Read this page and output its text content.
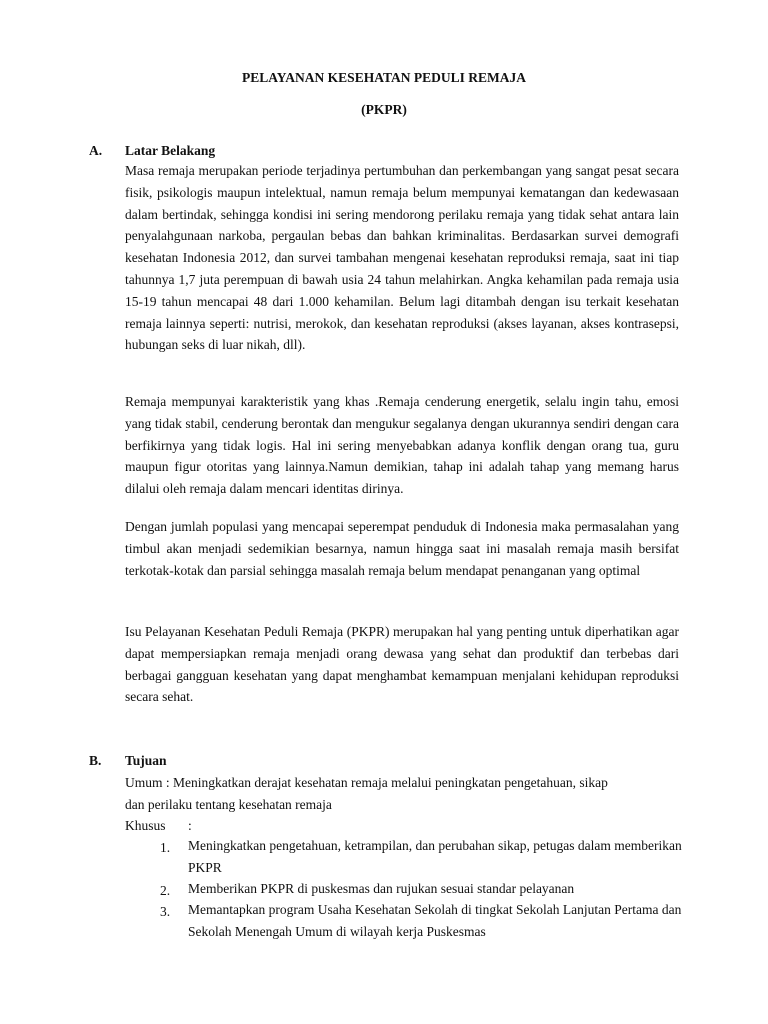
PELAYANAN KESEHATAN PEDULI REMAJA
(PKPR)
A. Latar Belakang

Masa remaja merupakan periode terjadinya pertumbuhan dan perkembangan yang sangat pesat secara fisik, psikologis maupun intelektual, namun remaja belum mempunyai kematangan dan kedewasaan dalam bertindak, sehingga kondisi ini sering mendorong perilaku remaja yang tidak sehat antara lain penyalahgunaan narkoba, pergaulan bebas dan bahkan kriminalitas. Berdasarkan survei demografi kesehatan Indonesia 2012, dan survei tambahan mengenai kesehatan reproduksi remaja, saat ini tiap tahunnya 1,7 juta perempuan di bawah usia 24 tahun melahirkan. Angka kehamilan pada remaja usia 15-19 tahun mencapai 48 dari 1.000 kehamilan. Belum lagi ditambah dengan isu terkait kesehatan remaja lainnya seperti: nutrisi, merokok, dan kesehatan reproduksi (akses layanan, akses kontrasepsi, hubungan seks di luar nikah, dll).

Remaja mempunyai karakteristik yang khas .Remaja cenderung energetik, selalu ingin tahu, emosi yang tidak stabil, cenderung berontak dan mengukur segalanya dengan ukurannya sendiri dengan cara berfikirnya yang tidak logis. Hal ini sering menyebabkan adanya konflik dengan orang tua, guru maupun figur otoritas yang lainnya.Namun demikian, tahap ini adalah tahap yang memang harus dilalui oleh remaja dalam mencari identitas dirinya.

Dengan jumlah populasi yang mencapai seperempat penduduk di Indonesia maka permasalahan yang timbul akan menjadi sedemikian besarnya, namun hingga saat ini masalah remaja masih bersifat terkotak-kotak dan parsial sehingga masalah remaja belum mendapat penanganan yang optimal

Isu Pelayanan Kesehatan Peduli Remaja (PKPR) merupakan hal yang penting untuk diperhatikan agar dapat mempersiapkan remaja menjadi orang dewasa yang sehat dan produktif dan terbebas dari berbagai gangguan kesehatan yang dapat menghambat kemampuan menjalani kehidupan reproduksi secara sehat.

B. Tujuan
Umum : Meningkatkan derajat kesehatan remaja melalui peningkatan pengetahuan, sikap
dan perilaku tentang kesehatan remaja
Khusus :
1. Meningkatkan pengetahuan, ketrampilan, dan perubahan sikap, petugas dalam memberikan PKPR

2. Memberikan PKPR di puskesmas dan rujukan sesuai standar pelayanan

3. Memantapkan program Usaha Kesehatan Sekolah di tingkat Sekolah Lanjutan Pertama dan Sekolah Menengah Umum di wilayah kerja Puskesmas
